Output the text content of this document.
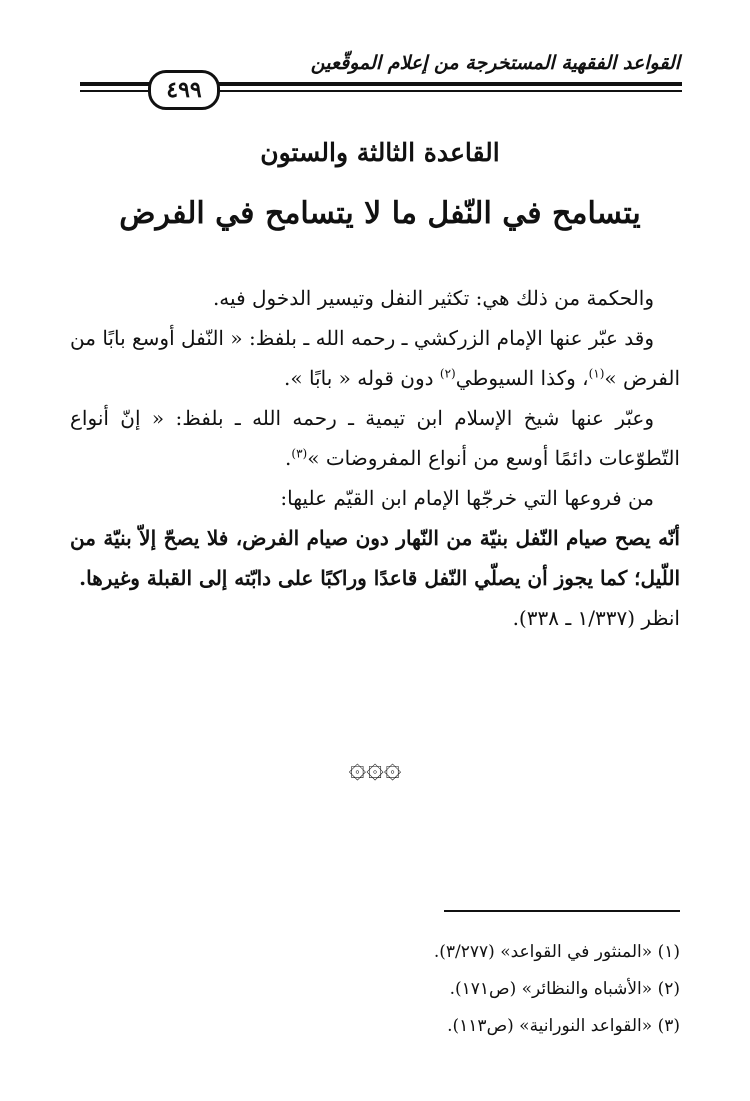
القواعد الفقهية المستخرجة من إعلام الموقّعين
٤٩٩
القاعدة الثالثة والستون
يتسامح في النّفل ما لا يتسامح في الفرض

والحكمة من ذلك هي: تكثير النفل وتيسير الدخول فيه.

وقد عبّر عنها الإمام الزركشي ـ رحمه الله ـ بلفظ: « النّفل أوسع بابًا من الفرض »$^{(١)}$، وكذا السيوطي$^{(٢)}$ دون قوله « بابًا ».

وعبّر عنها شيخ الإسلام ابن تيمية ـ رحمه الله ـ بلفظ: « إنّ أنواع التّطوّعات دائمًا أوسع من أنواع المفروضات »$^{(٣)}$.

من فروعها التي خرجّها الإمام ابن القيّم عليها:

أنّه يصح صيام النّفل بنيّة من النّهار دون صيام الفرض، فلا يصحّ إلاّ بنيّة من اللّيل؛ كما يجوز أن يصلّي النّفل قاعدًا وراكبًا على دابّته إلى القبلة وغيرها.

انظر (١/٣٣٧ ـ ٣٣٨).

۞۞۞
(١) «المنثور في القواعد» (٣/٢٧٧).
(٢) «الأشباه والنظائر» (ص١٧١).
(٣) «القواعد النورانية» (ص١١٣).
